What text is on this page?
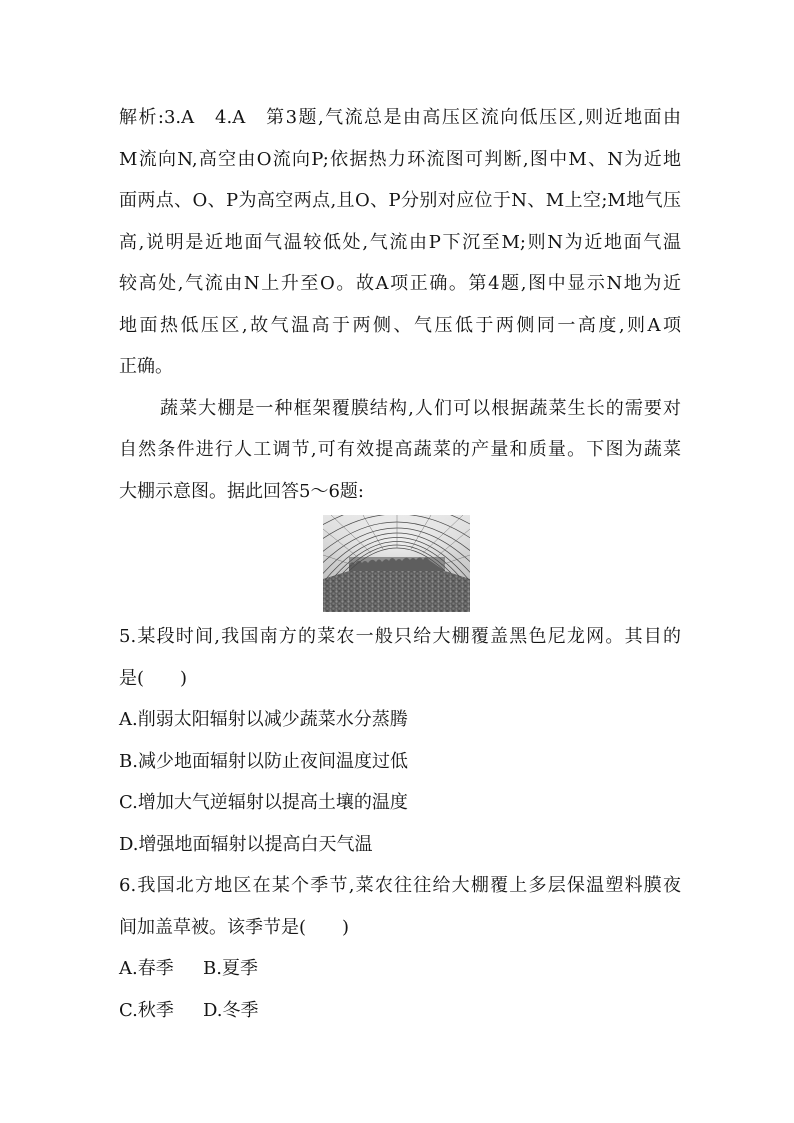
解析:3.A　4.A　第3题,气流总是由高压区流向低压区,则近地面由
M流向N,高空由O流向P;依据热力环流图可判断,图中M、N为近地
面两点、O、P为高空两点,且O、P分别对应位于N、M上空;M地气压
高,说明是近地面气温较低处,气流由P下沉至M;则N为近地面气温
较高处,气流由N上升至O。故A项正确。第4题,图中显示N地为近
地面热低压区,故气温高于两侧、气压低于两侧同一高度,则A项
正确。
蔬菜大棚是一种框架覆膜结构,人们可以根据蔬菜生长的需要对
自然条件进行人工调节,可有效提高蔬菜的产量和质量。下图为蔬菜
大棚示意图。据此回答5～6题:
5.某段时间,我国南方的菜农一般只给大棚覆盖黑色尼龙网。其目的
是(　　)
A.削弱太阳辐射以减少蔬菜水分蒸腾
B.减少地面辐射以防止夜间温度过低
C.增加大气逆辐射以提高土壤的温度
D.增强地面辐射以提高白天气温
6.我国北方地区在某个季节,菜农往往给大棚覆上多层保温塑料膜夜
间加盖草被。该季节是(　　)
A.春季 B.夏季
C.秋季 D.冬季
